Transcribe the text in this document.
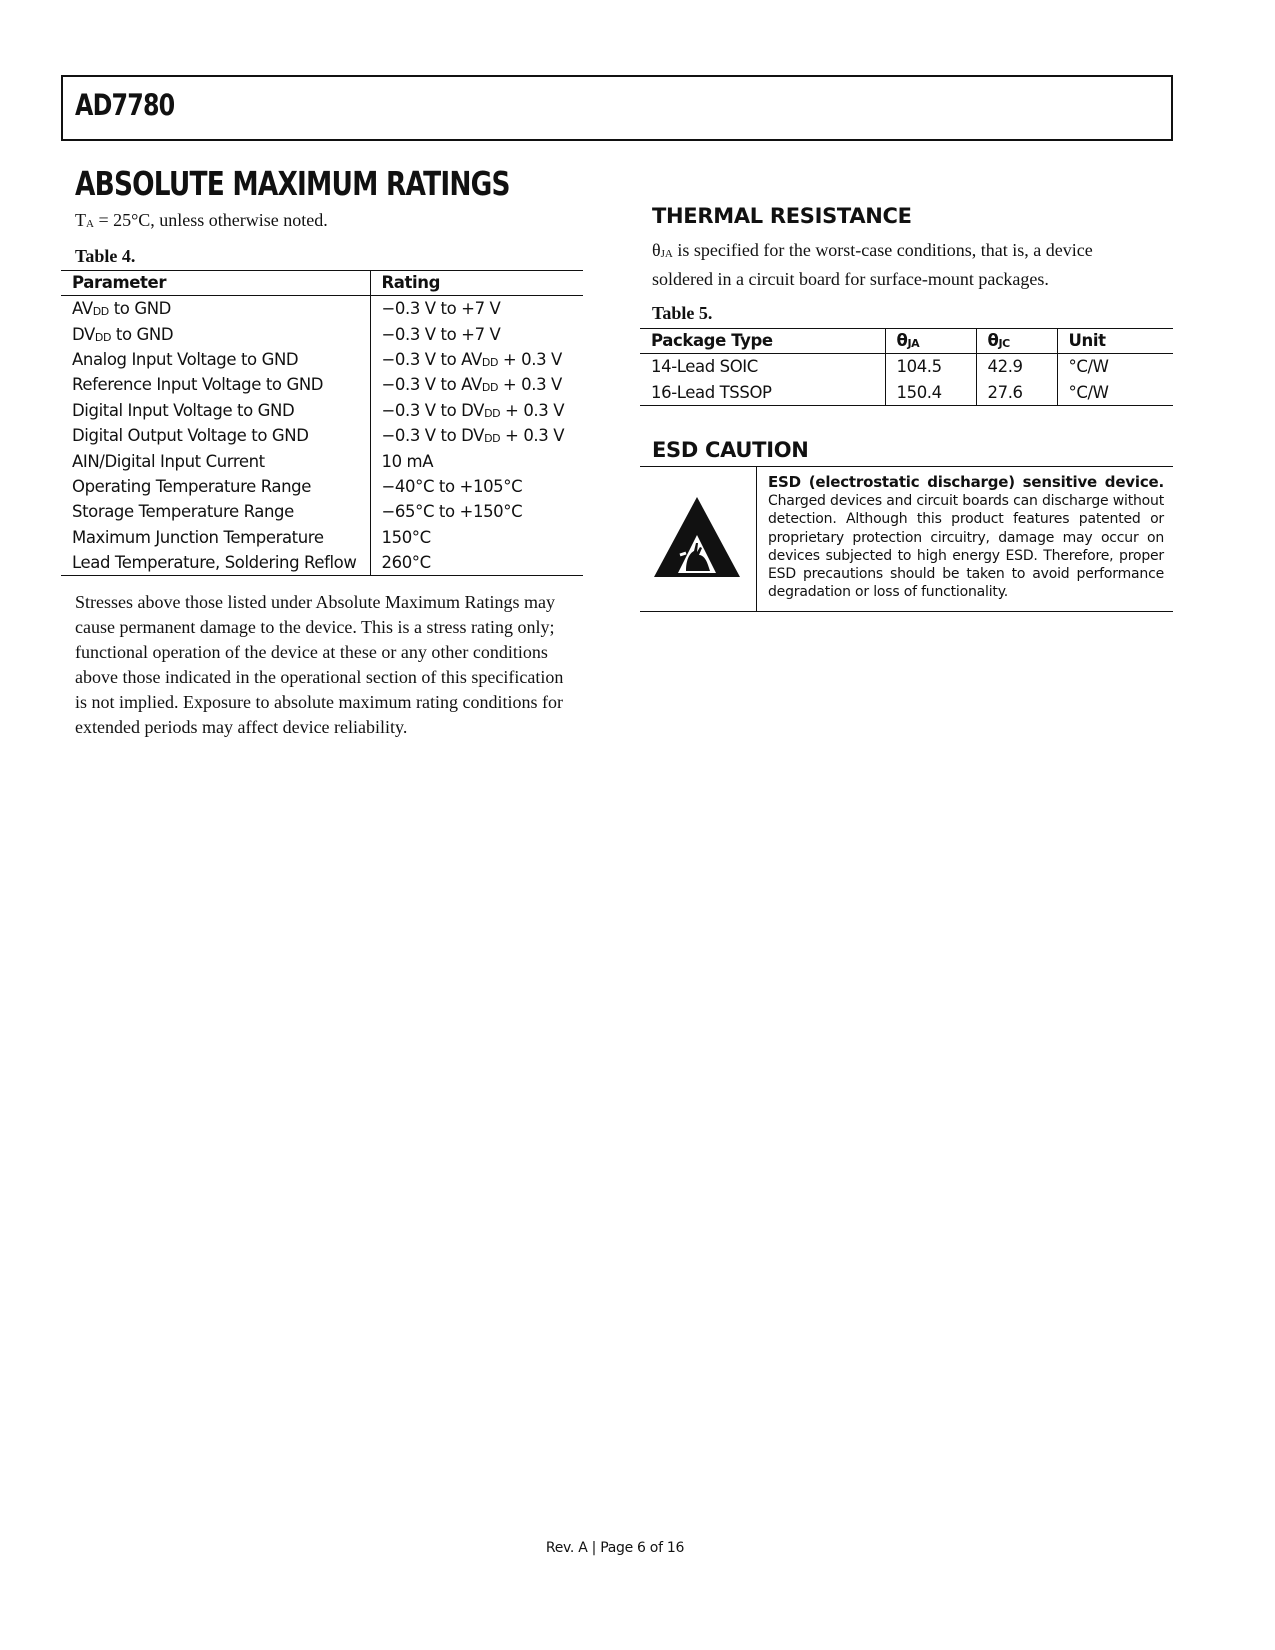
AD7780
ABSOLUTE MAXIMUM RATINGS
$T_A = 25^\circ C$, unless otherwise noted.
Table 4.
Parameter	Rating
$AV_{DD}$ to GND	−0.3 V to +7 V
$DV_{DD}$ to GND	−0.3 V to +7 V
Analog Input Voltage to GND	−0.3 V to $AV_{DD} + 0.3$ V
Reference Input Voltage to GND	−0.3 V to $AV_{DD} + 0.3$ V
Digital Input Voltage to GND	−0.3 V to $DV_{DD} + 0.3$ V
Digital Output Voltage to GND	−0.3 V to $DV_{DD} + 0.3$ V
AIN/Digital Input Current	10 mA
Operating Temperature Range	−40°C to +105°C
Storage Temperature Range	−65°C to +150°C
Maximum Junction Temperature	150°C
Lead Temperature, Soldering Reflow	260°C
Stresses above those listed under Absolute Maximum Ratings may cause permanent damage to the device. This is a stress rating only; functional operation of the device at these or any other conditions above those indicated in the operational section of this specification is not implied. Exposure to absolute maximum rating conditions for extended periods may affect device reliability.
THERMAL RESISTANCE
$\theta_{JA}$ is specified for the worst-case conditions, that is, a device soldered in a circuit board for surface-mount packages.
Table 5.
Package Type	$\theta_{JA}$	$\theta_{JC}$	Unit
14-Lead SOIC	104.5	42.9	°C/W
16-Lead TSSOP	150.4	27.6	°C/W
ESD CAUTION
ESD (electrostatic discharge) sensitive device. Charged devices and circuit boards can discharge without detection. Although this product features patented or proprietary protection circuitry, damage may occur on devices subjected to high energy ESD. Therefore, proper ESD precautions should be taken to avoid performance degradation or loss of functionality.
Rev. A | Page 6 of 16
